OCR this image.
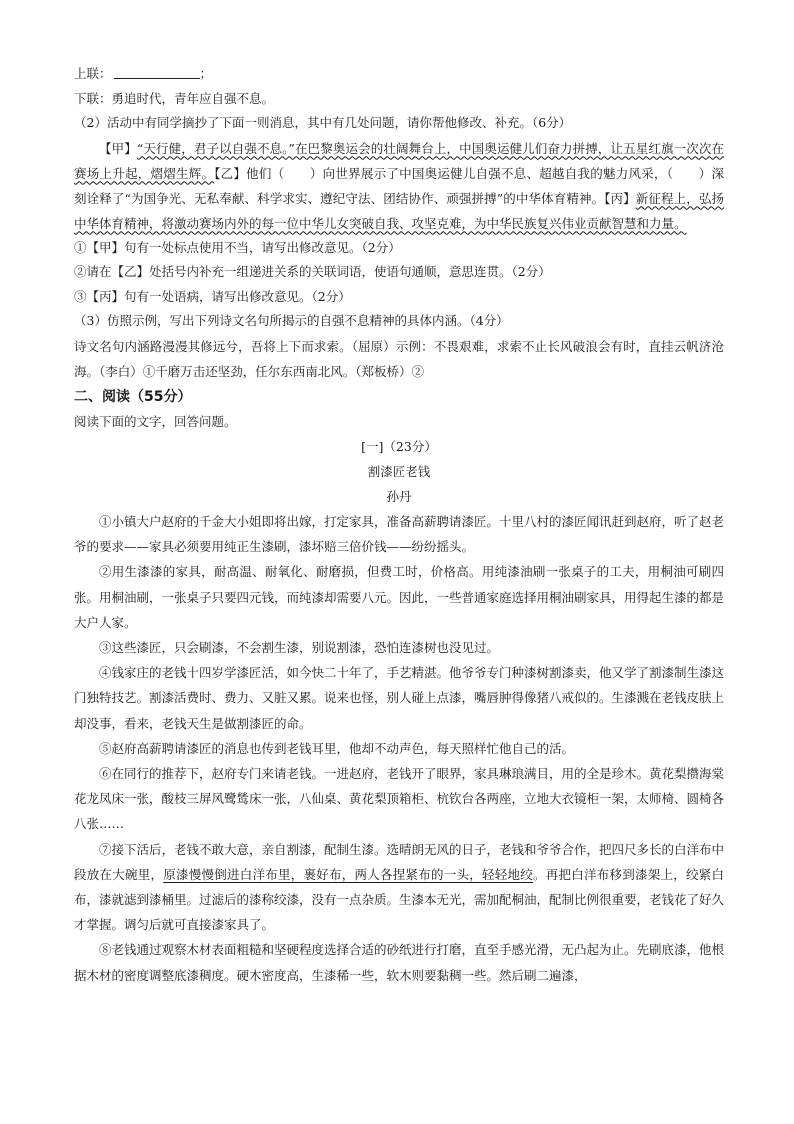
上联：	；
下联：勇追时代，青年应自强不息。
（2）活动中有同学摘抄了下面一则消息，其中有几处问题，请你帮他修改、补充。（6分）
【甲】“天行健，君子以自强不息。”在巴黎奥运会的壮阔舞台上，中国奥运健儿们奋力拼搏，让五星红旗一次次在赛场上升起，熠熠生辉。【乙】他们（　　）向世界展示了中国奥运健儿自强不息、超越自我的魅力风采，（　　）深刻诠释了“为国争光、无私奉献、科学求实、遵纪守法、团结协作、顽强拼搏”的中华体育精神。【丙】新征程上，弘扬中华体育精神，将激动赛场内外的每一位中华儿女突破自我、攻坚克难，为中华民族复兴伟业贡献智慧和力量。
①【甲】句有一处标点使用不当，请写出修改意见。（2分）
②请在【乙】处括号内补充一组递进关系的关联词语，使语句通顺，意思连贯。（2分）
③【丙】句有一处语病，请写出修改意见。（2分）
（3）仿照示例，写出下列诗文名句所揭示的自强不息精神的具体内涵。（4分）
诗文名句内涵路漫漫其修远兮，吾将上下而求索。（屈原）示例：不畏艰难，求索不止长风破浪会有时，直挂云帆济沧海。（李白）①千磨万击还坚劲，任尔东西南北风。（郑板桥）②
二、阅读（55分）
阅读下面的文字，回答问题。
[一]（23分）
割漆匠老钱
孙丹

①小镇大户赵府的千金大小姐即将出嫁，打定家具，准备高薪聘请漆匠。十里八村的漆匠闻讯赶到赵府，听了赵老爷的要求——家具必须要用纯正生漆刷，漆坏赔三倍价钱——纷纷摇头。

②用生漆漆的家具，耐高温、耐氧化、耐磨损，但费工时，价格高。用纯漆油刷一张桌子的工夫，用桐油可刷四张。用桐油刷，一张桌子只要四元钱，而纯漆却需要八元。因此，一些普通家庭选择用桐油刷家具，用得起生漆的都是大户人家。

③这些漆匠，只会刷漆，不会割生漆，别说割漆，恐怕连漆树也没见过。

④钱家庄的老钱十四岁学漆匠活，如今快二十年了，手艺精湛。他爷爷专门种漆树割漆卖，他又学了割漆制生漆这门独特技艺。割漆活费时、费力、又脏又累。说来也怪，别人碰上点漆，嘴唇肿得像猪八戒似的。生漆溅在老钱皮肤上却没事，看来，老钱天生是做割漆匠的命。

⑤赵府高薪聘请漆匠的消息也传到老钱耳里，他却不动声色，每天照样忙他自己的活。

⑥在同行的推荐下，赵府专门来请老钱。一进赵府，老钱开了眼界，家具琳琅满目，用的全是珍木。黄花梨攒海棠花龙凤床一张，酸枝三屏风鹭鸶床一张，八仙桌、黄花梨顶箱柜、杭钦台各两座，立地大衣镜柜一架，太师椅、圆椅各八张……

⑦接下活后，老钱不敢大意，亲自割漆，配制生漆。选晴朗无风的日子，老钱和爷爷合作，把四尺多长的白洋布中段放在大碗里，原漆慢慢倒进白洋布里，裹好布，两人各捏紧布的一头，轻轻地绞。再把白洋布移到漆架上，绞紧白布，漆就滤到漆桶里。过滤后的漆称绞漆，没有一点杂质。生漆本无光，需加配桐油，配制比例很重要，老钱花了好久才掌握。调匀后就可直接漆家具了。

⑧老钱通过观察木材表面粗糙和坚硬程度选择合适的砂纸进行打磨，直至手感光滑，无凸起为止。先刷底漆，他根据木材的密度调整底漆稠度。硬木密度高，生漆稀一些，软木则要黏稠一些。然后刷二遍漆，
